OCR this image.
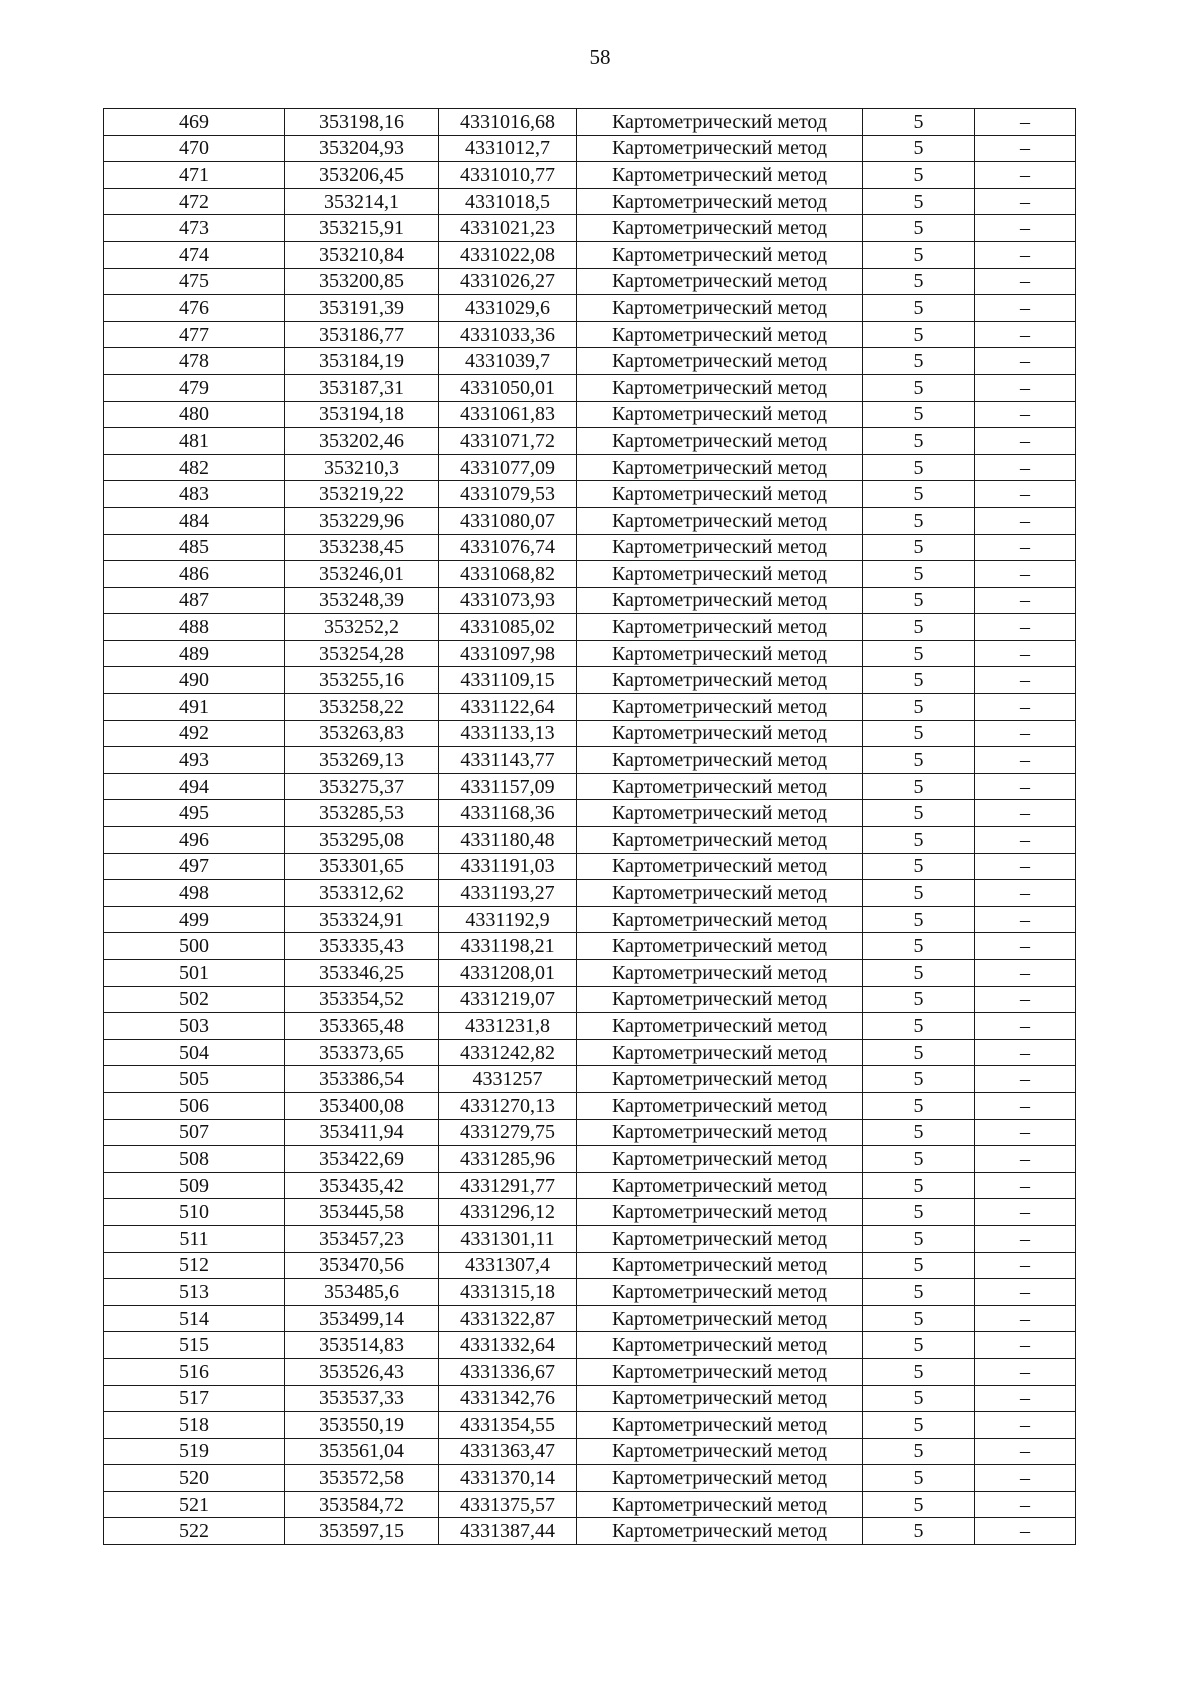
58
469	353198,16	4331016,68	Картометрический метод	5	–
470	353204,93	4331012,7	Картометрический метод	5	–
471	353206,45	4331010,77	Картометрический метод	5	–
472	353214,1	4331018,5	Картометрический метод	5	–
473	353215,91	4331021,23	Картометрический метод	5	–
474	353210,84	4331022,08	Картометрический метод	5	–
475	353200,85	4331026,27	Картометрический метод	5	–
476	353191,39	4331029,6	Картометрический метод	5	–
477	353186,77	4331033,36	Картометрический метод	5	–
478	353184,19	4331039,7	Картометрический метод	5	–
479	353187,31	4331050,01	Картометрический метод	5	–
480	353194,18	4331061,83	Картометрический метод	5	–
481	353202,46	4331071,72	Картометрический метод	5	–
482	353210,3	4331077,09	Картометрический метод	5	–
483	353219,22	4331079,53	Картометрический метод	5	–
484	353229,96	4331080,07	Картометрический метод	5	–
485	353238,45	4331076,74	Картометрический метод	5	–
486	353246,01	4331068,82	Картометрический метод	5	–
487	353248,39	4331073,93	Картометрический метод	5	–
488	353252,2	4331085,02	Картометрический метод	5	–
489	353254,28	4331097,98	Картометрический метод	5	–
490	353255,16	4331109,15	Картометрический метод	5	–
491	353258,22	4331122,64	Картометрический метод	5	–
492	353263,83	4331133,13	Картометрический метод	5	–
493	353269,13	4331143,77	Картометрический метод	5	–
494	353275,37	4331157,09	Картометрический метод	5	–
495	353285,53	4331168,36	Картометрический метод	5	–
496	353295,08	4331180,48	Картометрический метод	5	–
497	353301,65	4331191,03	Картометрический метод	5	–
498	353312,62	4331193,27	Картометрический метод	5	–
499	353324,91	4331192,9	Картометрический метод	5	–
500	353335,43	4331198,21	Картометрический метод	5	–
501	353346,25	4331208,01	Картометрический метод	5	–
502	353354,52	4331219,07	Картометрический метод	5	–
503	353365,48	4331231,8	Картометрический метод	5	–
504	353373,65	4331242,82	Картометрический метод	5	–
505	353386,54	4331257	Картометрический метод	5	–
506	353400,08	4331270,13	Картометрический метод	5	–
507	353411,94	4331279,75	Картометрический метод	5	–
508	353422,69	4331285,96	Картометрический метод	5	–
509	353435,42	4331291,77	Картометрический метод	5	–
510	353445,58	4331296,12	Картометрический метод	5	–
511	353457,23	4331301,11	Картометрический метод	5	–
512	353470,56	4331307,4	Картометрический метод	5	–
513	353485,6	4331315,18	Картометрический метод	5	–
514	353499,14	4331322,87	Картометрический метод	5	–
515	353514,83	4331332,64	Картометрический метод	5	–
516	353526,43	4331336,67	Картометрический метод	5	–
517	353537,33	4331342,76	Картометрический метод	5	–
518	353550,19	4331354,55	Картометрический метод	5	–
519	353561,04	4331363,47	Картометрический метод	5	–
520	353572,58	4331370,14	Картометрический метод	5	–
521	353584,72	4331375,57	Картометрический метод	5	–
522	353597,15	4331387,44	Картометрический метод	5	–
